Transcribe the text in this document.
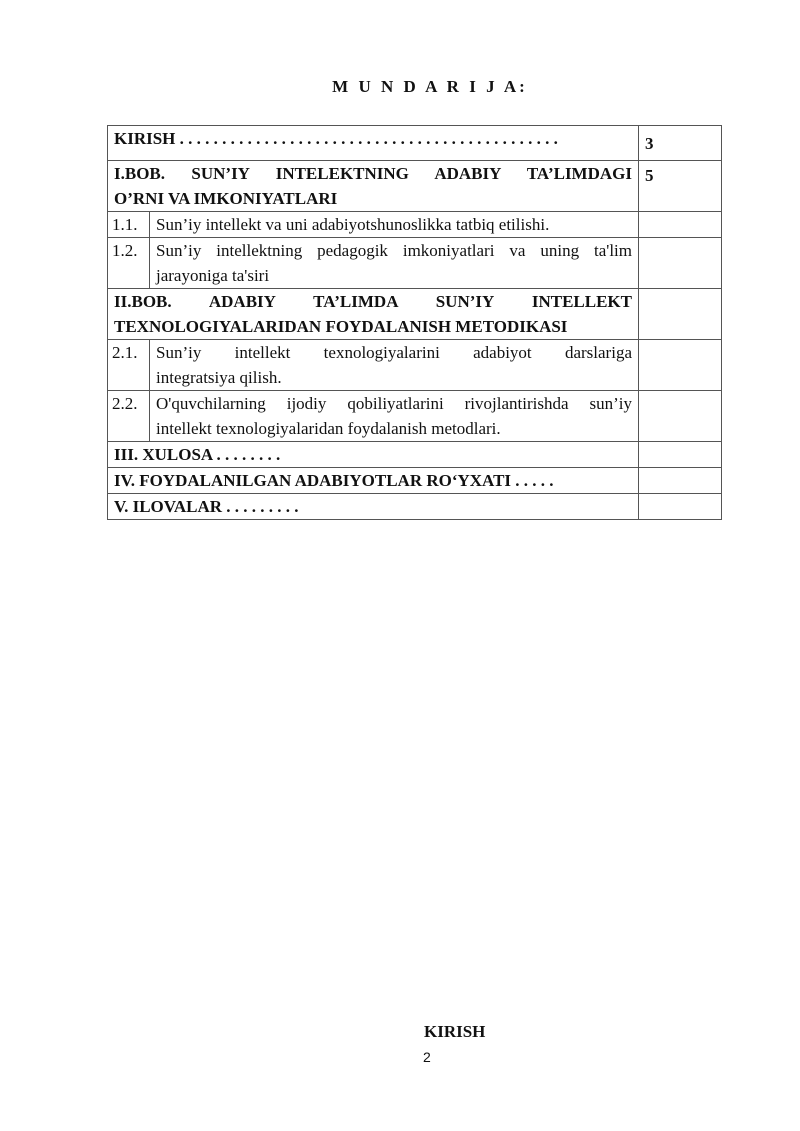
M U N D A R I J A:
KIRISH . . . . . . . . . . . . . . . . . . . . . . . . . . . . . . . . . . . . . . . . . . . . .		3

I.BOB. SUN’IY INTELEKTNING ADABIY TA’LIMDAGI
O’RNI VA IMKONIYATLARI		5
1.1.	Sun’iy intellekt va uni adabiyotshunoslikka tatbiq etilishi.	

1.2.	Sun’iy intellektning pedagogik imkoniyatlari va uning ta'lim
jarayoniga ta'siri	

II.BOB. ADABIY TA’LIMDA SUN’IY INTELLEKT
TEXNOLOGIYALARIDAN FOYDALANISH METODIKASI		

2.1.	Sun’iy intellekt texnologiyalarini adabiyot darslariga
integratsiya qilish.	

2.2.	O'quvchilarning ijodiy qobiliyatlarini rivojlantirishda sun’iy
intellekt texnologiyalaridan foydalanish metodlari.	

III. XULOSA . . . . . . . .		
IV. FOYDALANILGAN ADABIYOTLAR RO‘YXATI . . . . .		
V. ILOVALAR . . . . . . . . .		
KIRISH
2
